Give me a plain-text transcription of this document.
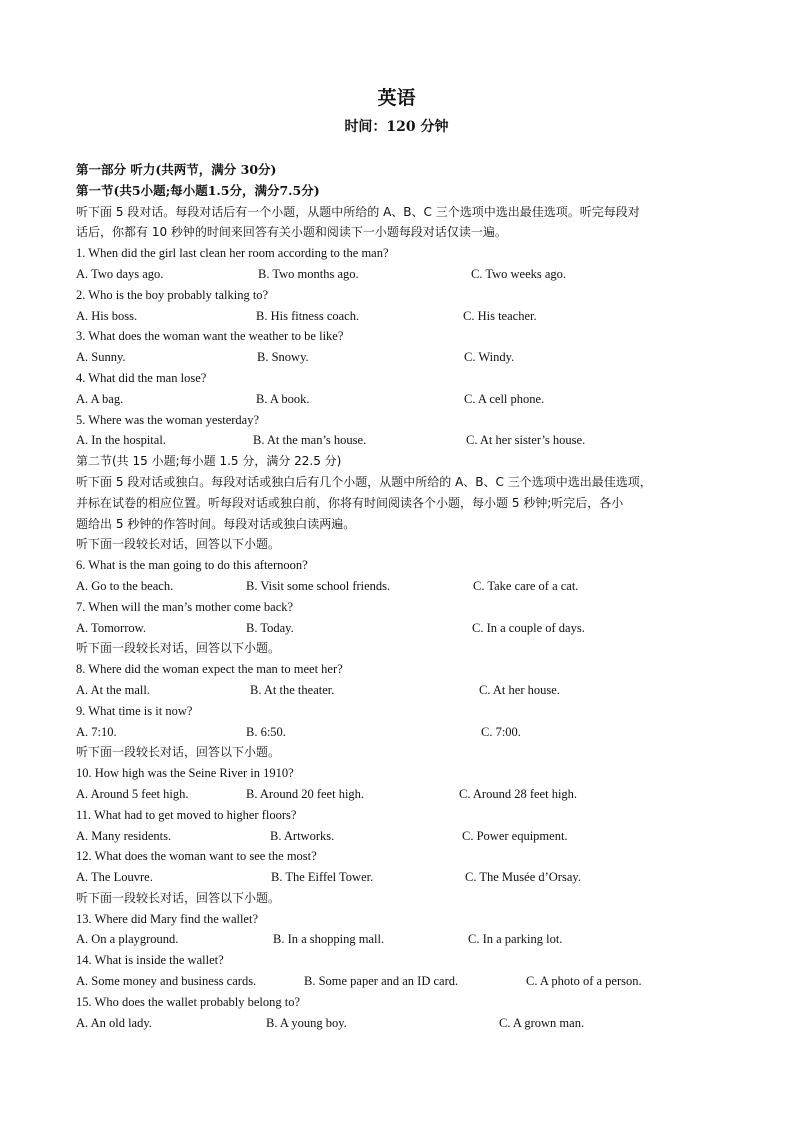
英语
时间：120 分钟
第一部分 听力(共两节，满分 30分)
第一节(共5小题;每小题1.5分，满分7.5分)
听下面 5 段对话。每段对话后有一个小题，从题中所给的 A、B、C 三个选项中选出最佳选项。听完每段对
话后，你都有 10 秒钟的时间来回答有关小题和阅读下一小题每段对话仅读一遍。
1. When did the girl last clean her room according to the man?
A. Two days ago.	B. Two months ago.	C. Two weeks ago.
2. Who is the boy probably talking to?
A. His boss.	B. His fitness coach.	C. His teacher.
3. What does the woman want the weather to be like?
A. Sunny.	B. Snowy.	C. Windy.
4. What did the man lose?
A. A bag.	B. A book.	C. A cell phone.
5. Where was the woman yesterday?
A. In the hospital.	B. At the man’s house.	C. At her sister’s house.
第二节(共 15 小题;每小题 1.5 分，满分 22.5 分)
听下面 5 段对话或独白。每段对话或独白后有几个小题，从题中所给的 A、B、C 三个选项中选出最佳选项，
并标在试卷的相应位置。听每段对话或独白前，你将有时间阅读各个小题，每小题 5 秒钟;听完后，各小
题给出 5 秒钟的作答时间。每段对话或独白读两遍。
听下面一段较长对话，回答以下小题。
6. What is the man going to do this afternoon?
A. Go to the beach.	B. Visit some school friends.	C. Take care of a cat.
7. When will the man’s mother come back?
A. Tomorrow.	B. Today.	C. In a couple of days.
听下面一段较长对话，回答以下小题。
8. Where did the woman expect the man to meet her?
A. At the mall.	B. At the theater.	C. At her house.
9. What time is it now?
A. 7:10.	B. 6:50.	C. 7:00.
听下面一段较长对话，回答以下小题。
10. How high was the Seine River in 1910?
A. Around 5 feet high.	B. Around 20 feet high.	C. Around 28 feet high.
11. What had to get moved to higher floors?
A. Many residents.	B. Artworks.	C. Power equipment.
12. What does the woman want to see the most?
A. The Louvre.	B. The Eiffel Tower.	C. The Musée d’Orsay.
听下面一段较长对话，回答以下小题。
13. Where did Mary find the wallet?
A. On a playground.	B. In a shopping mall.	C. In a parking lot.
14. What is inside the wallet?
A. Some money and business cards.	B. Some paper and an ID card.	C. A photo of a person.
15. Who does the wallet probably belong to?
A. An old lady.	B. A young boy.	C. A grown man.
